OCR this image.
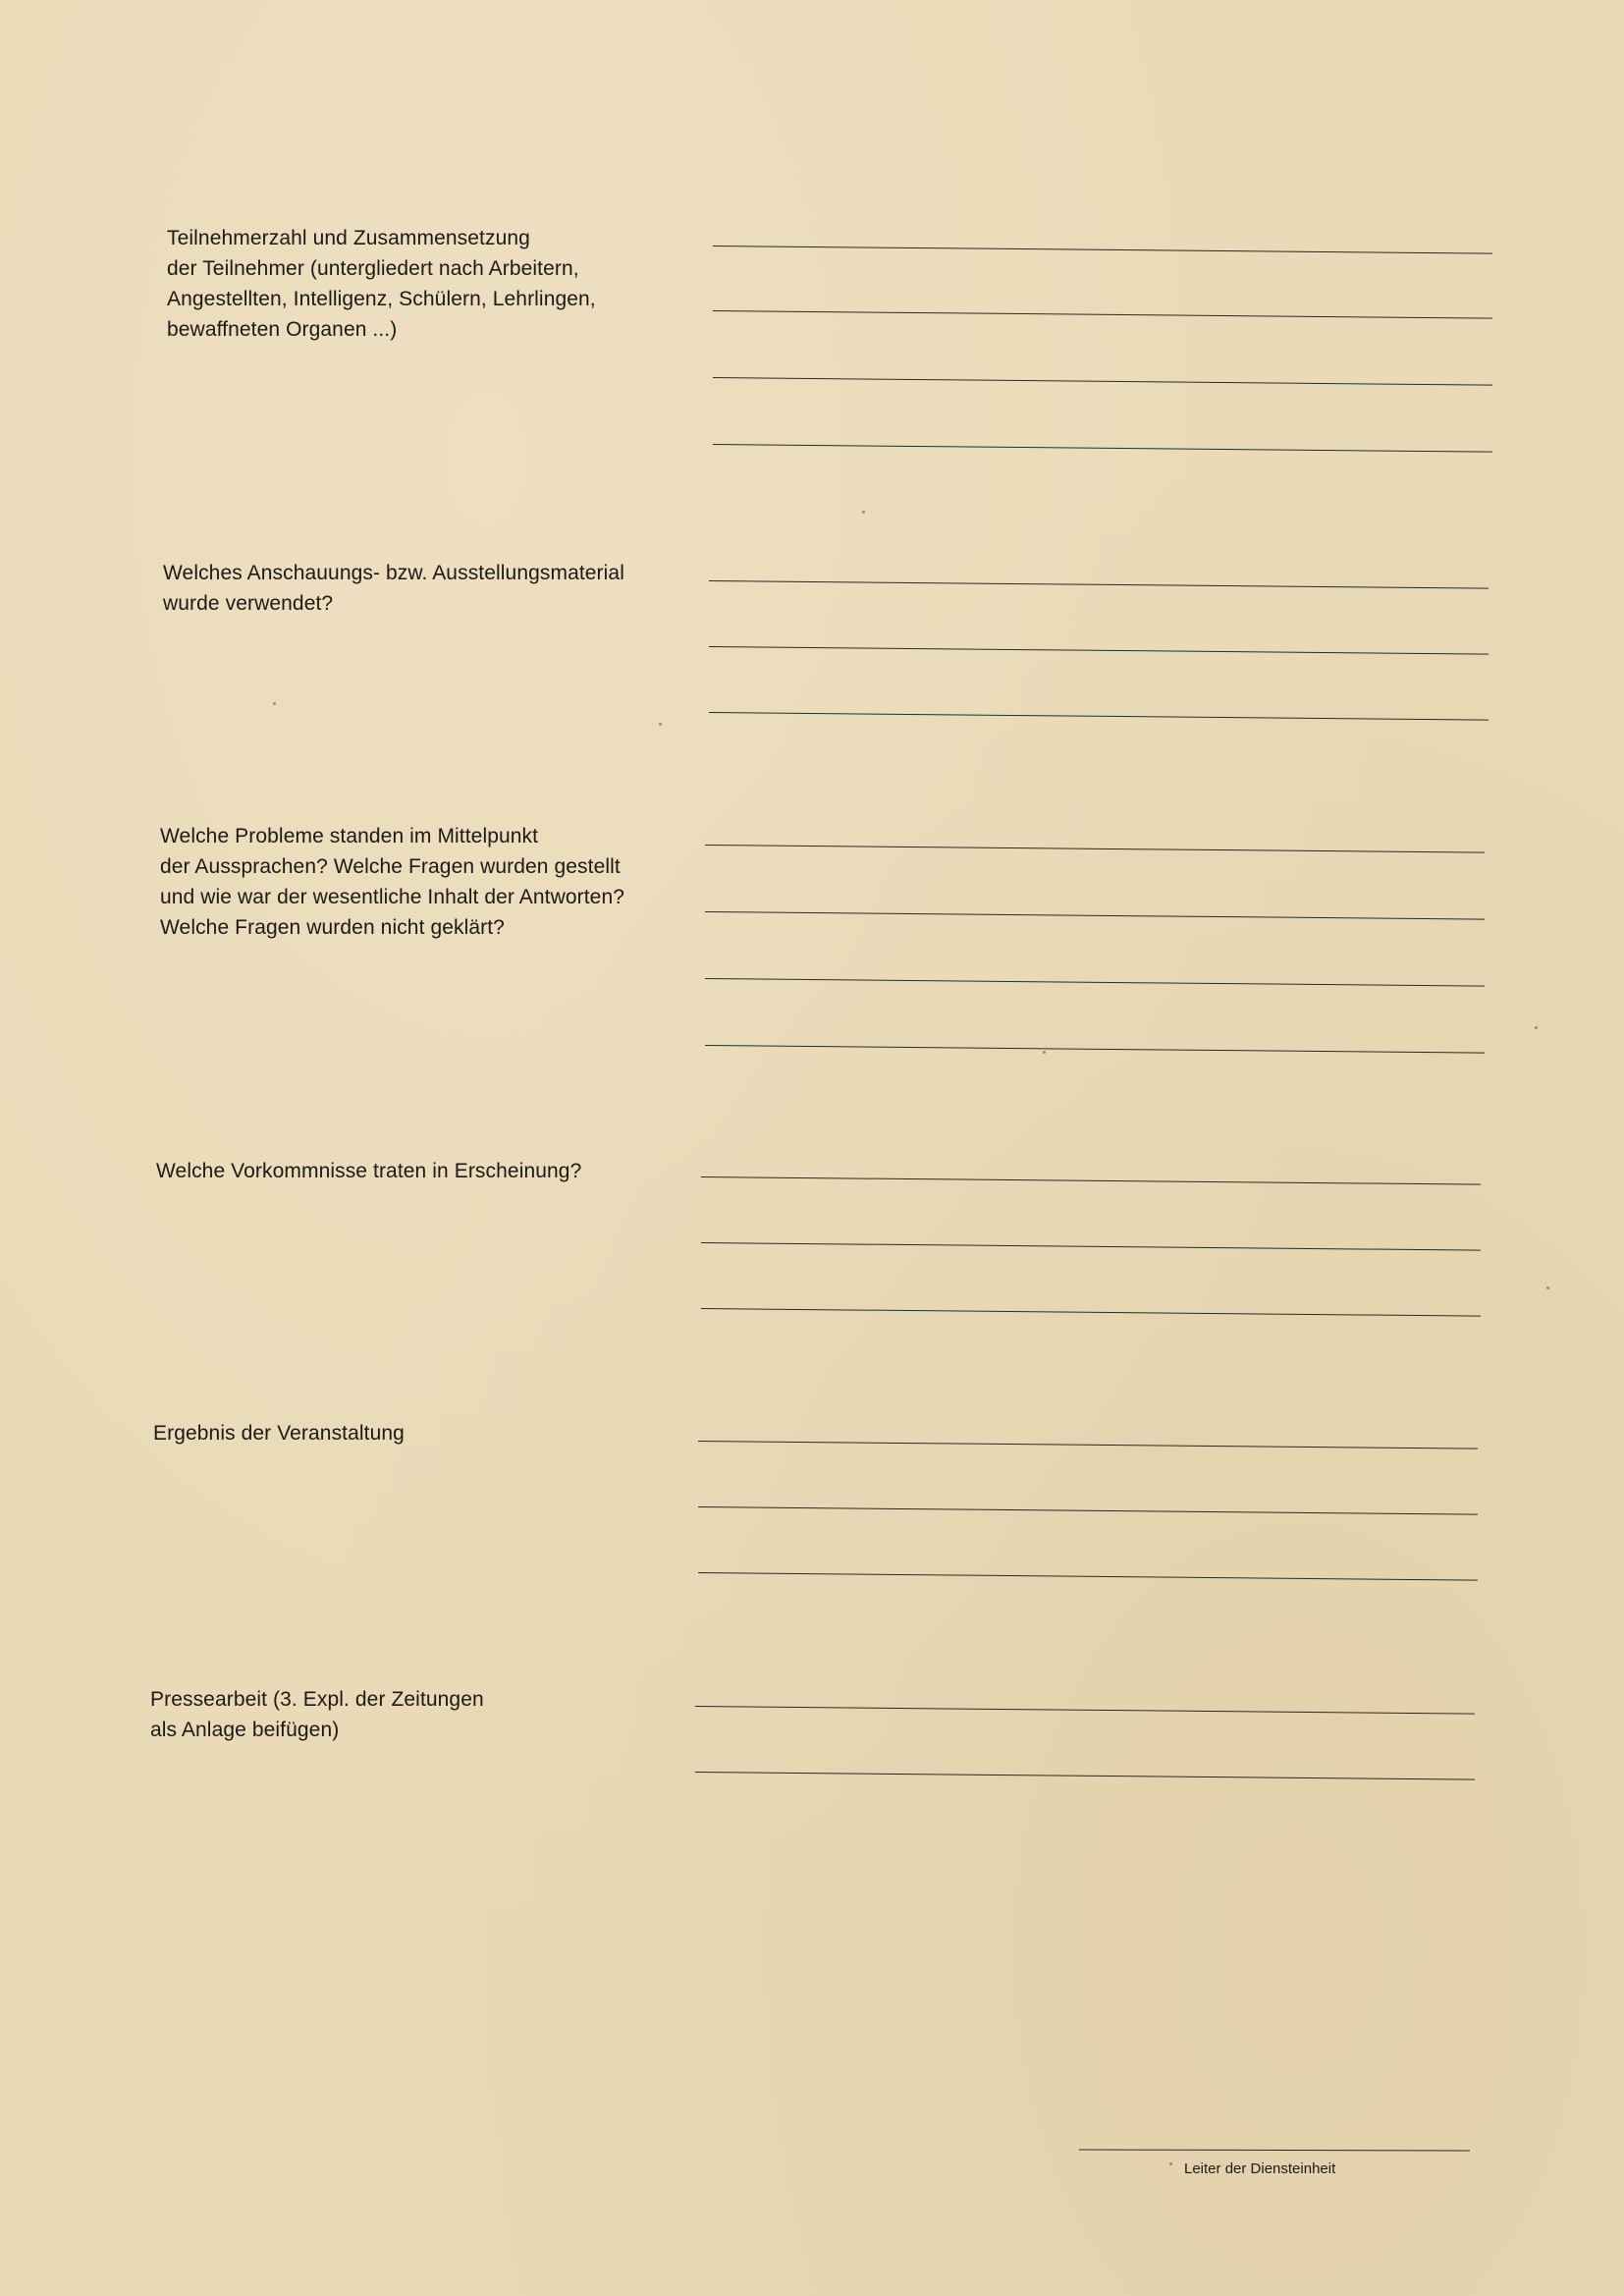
Teilnehmerzahl und Zusammensetzung
der Teilnehmer (untergliedert nach Arbeitern,
Angestellten, Intelligenz, Schülern, Lehrlingen,
bewaffneten Organen ...)
Welches Anschauungs- bzw. Ausstellungsmaterial
wurde verwendet?
Welche Probleme standen im Mittelpunkt
der Aussprachen? Welche Fragen wurden gestellt
und wie war der wesentliche Inhalt der Antworten?
Welche Fragen wurden nicht geklärt?
Welche Vorkommnisse traten in Erscheinung?
Ergebnis der Veranstaltung
Pressearbeit (3. Expl. der Zeitungen
als Anlage beifügen)
Leiter der Diensteinheit
